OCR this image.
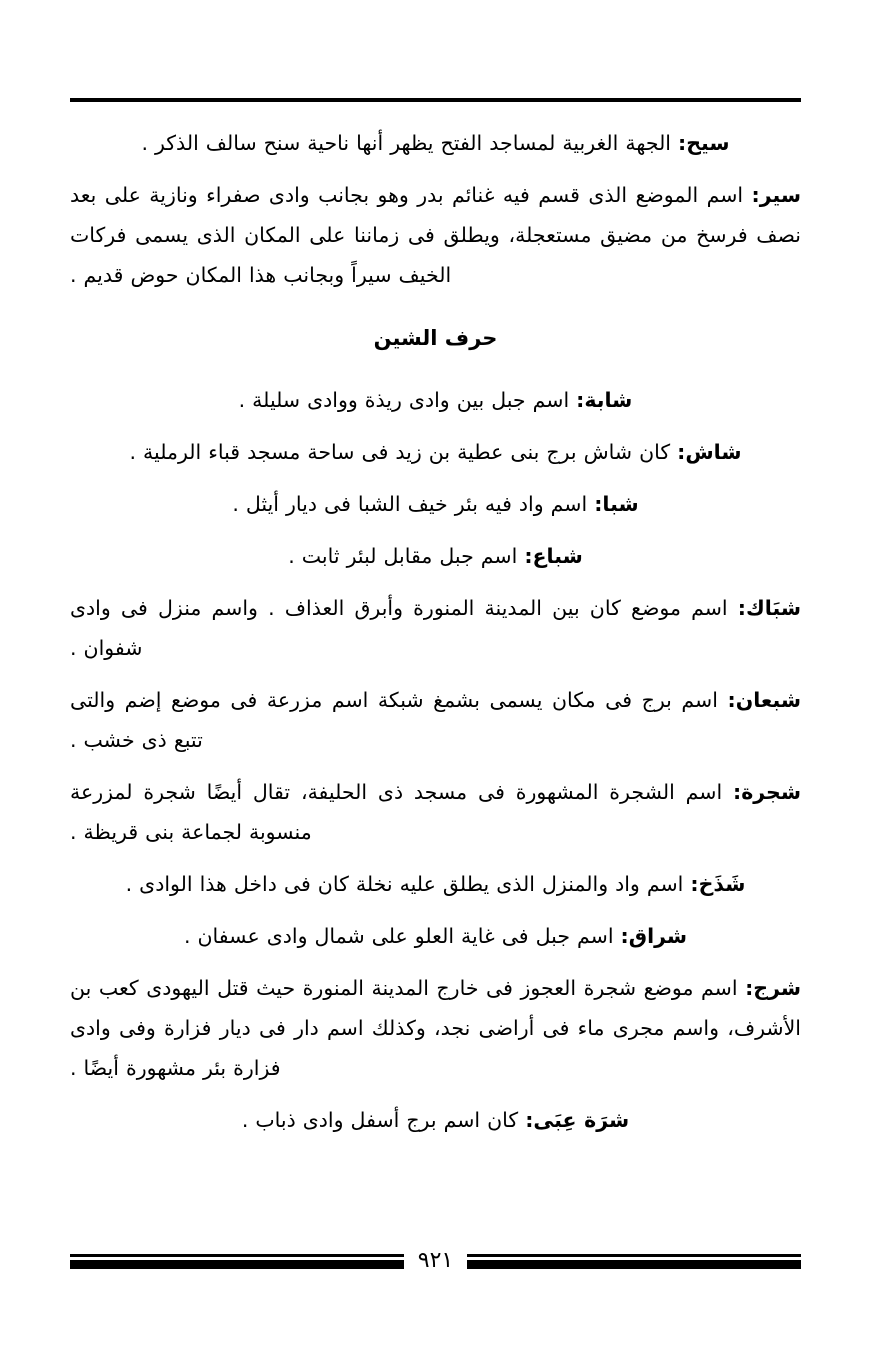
سيح: الجهة الغربية لمساجد الفتح يظهر أنها ناحية سنح سالف الذكر .

سير: اسم الموضع الذى قسم فيه غنائم بدر وهو بجانب وادى صفراء ونازية على بعد نصف فرسخ من مضيق مستعجلة، ويطلق فى زماننا على المكان الذى يسمى فركات الخيف سيراً وبجانب هذا المكان حوض قديم .

حرف الشين

شابة: اسم جبل بين وادى ريذة ووادى سليلة .

شاش: كان شاش برج بنى عطية بن زيد فى ساحة مسجد قباء الرملية .

شبا: اسم واد فيه بئر خيف الشبا فى ديار أيثل .

شباع: اسم جبل مقابل لبئر ثابت .

شبَاك: اسم موضع كان بين المدينة المنورة وأبرق العذاف . واسم منزل فى وادى شفوان .

شبعان: اسم برج فى مكان يسمى بشمغ شبكة اسم مزرعة فى موضع إضم والتى تتبع ذى خشب .

شجرة: اسم الشجرة المشهورة فى مسجد ذى الحليفة، تقال أيضًا شجرة لمزرعة منسوبة لجماعة بنى قريظة .

شَذَخ: اسم واد والمنزل الذى يطلق عليه نخلة كان فى داخل هذا الوادى .

شراق: اسم جبل فى غاية العلو على شمال وادى عسفان .

شرج: اسم موضع شجرة العجوز فى خارج المدينة المنورة حيث قتل اليهودى كعب بن الأشرف، واسم مجرى ماء فى أراضى نجد، وكذلك اسم دار فى ديار فزارة وفى وادى فزارة بئر مشهورة أيضًا .

شرَة عِبَى: كان اسم برج أسفل وادى ذباب .

٩٢١
